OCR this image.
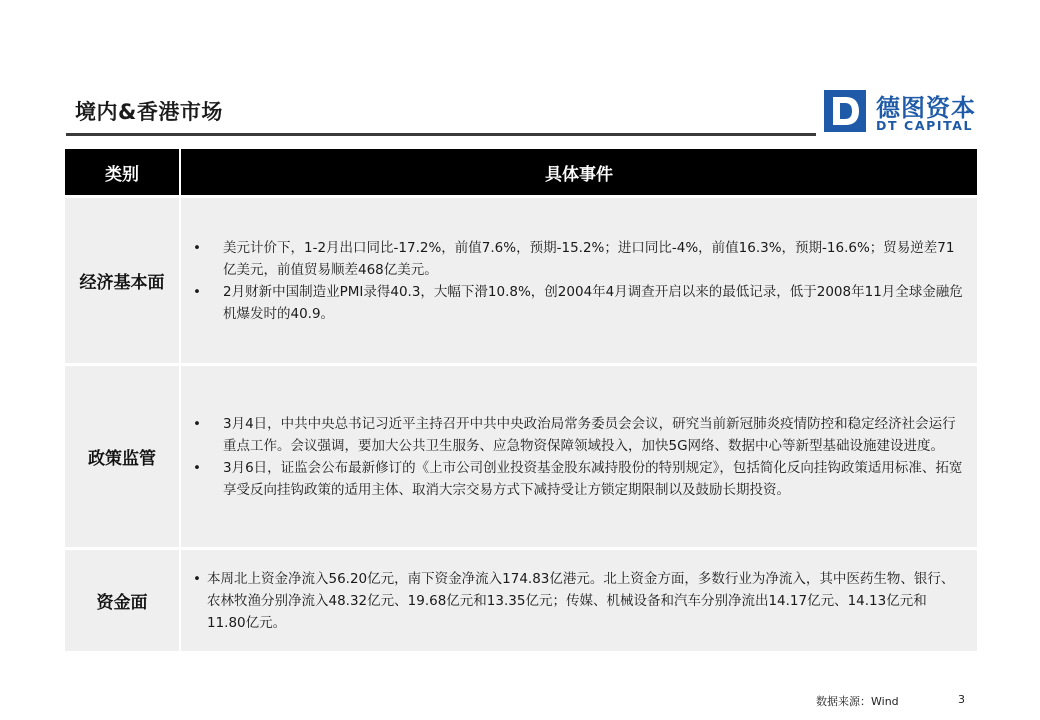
境内&香港市场	德图资本
DT CAPITAL
类别	具体事件
经济基本面
•	美元计价下，1-2月出口同比-17.2%，前值7.6%，预期-15.2%；进口同比-4%，前值16.3%，预期-16.6%；贸易逆差71亿美元，前值贸易顺差468亿美元。
•	2月财新中国制造业PMI录得40.3，大幅下滑10.8%，创2004年4月调查开启以来的最低记录，低于2008年11月全球金融危机爆发时的40.9。
政策监管
•	3月4日，中共中央总书记习近平主持召开中共中央政治局常务委员会会议，研究当前新冠肺炎疫情防控和稳定经济社会运行重点工作。会议强调，要加大公共卫生服务、应急物资保障领域投入，加快5G网络、数据中心等新型基础设施建设进度。
•	3月6日，证监会公布最新修订的《上市公司创业投资基金股东减持股份的特别规定》，包括简化反向挂钩政策适用标准、拓宽享受反向挂钩政策的适用主体、取消大宗交易方式下减持受让方锁定期限制以及鼓励长期投资。
资金面
• 本周北上资金净流入56.20亿元，南下资金净流入174.83亿港元。北上资金方面，多数行业为净流入，其中医药生物、银行、农林牧渔分别净流入48.32亿元、19.68亿元和13.35亿元；传媒、机械设备和汽车分别净流出14.17亿元、14.13亿元和11.80亿元。
数据来源：Wind	3
